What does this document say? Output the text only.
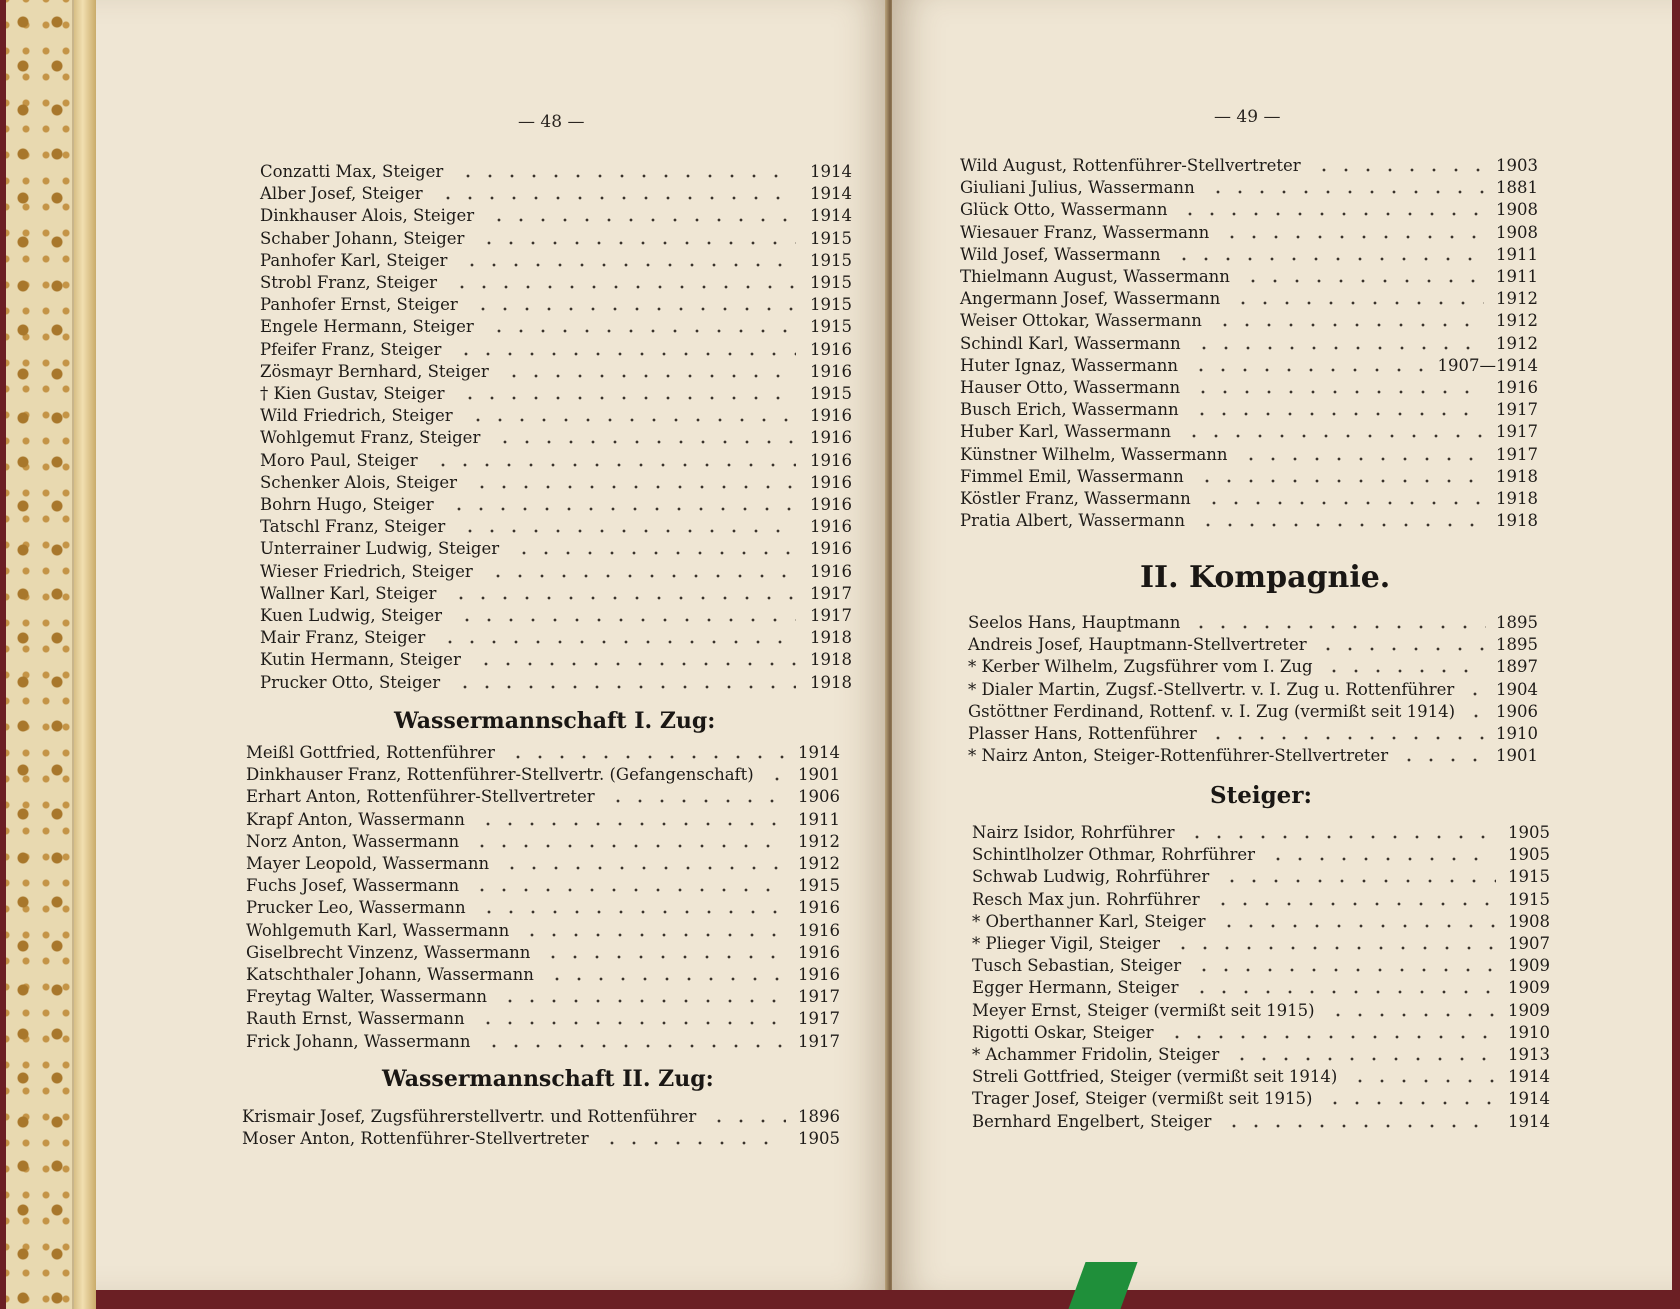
— 48 —
Conzatti Max, Steiger	1914
Alber Josef, Steiger	1914
Dinkhauser Alois, Steiger	1914
Schaber Johann, Steiger	1915
Panhofer Karl, Steiger	1915
Strobl Franz, Steiger	1915
Panhofer Ernst, Steiger	1915
Engele Hermann, Steiger	1915
Pfeifer Franz, Steiger	1916
Zösmayr Bernhard, Steiger	1916
† Kien Gustav, Steiger	1915
Wild Friedrich, Steiger	1916
Wohlgemut Franz, Steiger	1916
Moro Paul, Steiger	1916
Schenker Alois, Steiger	1916
Bohrn Hugo, Steiger	1916
Tatschl Franz, Steiger	1916
Unterrainer Ludwig, Steiger	1916
Wieser Friedrich, Steiger	1916
Wallner Karl, Steiger	1917
Kuen Ludwig, Steiger	1917
Mair Franz, Steiger	1918
Kutin Hermann, Steiger	1918
Prucker Otto, Steiger	1918
Wassermannschaft I. Zug:
Meißl Gottfried, Rottenführer	1914
Dinkhauser Franz, Rottenführer-Stellvertr. (Gefangenschaft)	1901
Erhart Anton, Rottenführer-Stellvertreter	1906
Krapf Anton, Wassermann	1911
Norz Anton, Wassermann	1912
Mayer Leopold, Wassermann	1912
Fuchs Josef, Wassermann	1915
Prucker Leo, Wassermann	1916
Wohlgemuth Karl, Wassermann	1916
Giselbrecht Vinzenz, Wassermann	1916
Katschthaler Johann, Wassermann	1916
Freytag Walter, Wassermann	1917
Rauth Ernst, Wassermann	1917
Frick Johann, Wassermann	1917
Wassermannschaft II. Zug:
Krismair Josef, Zugsführerstellvertr. und Rottenführer	1896
Moser Anton, Rottenführer-Stellvertreter	1905
— 49 —
Wild August, Rottenführer-Stellvertreter	1903
Giuliani Julius, Wassermann	1881
Glück Otto, Wassermann	1908
Wiesauer Franz, Wassermann	1908
Wild Josef, Wassermann	1911
Thielmann August, Wassermann	1911
Angermann Josef, Wassermann	1912
Weiser Ottokar, Wassermann	1912
Schindl Karl, Wassermann	1912
Huter Ignaz, Wassermann	1907—1914
Hauser Otto, Wassermann	1916
Busch Erich, Wassermann	1917
Huber Karl, Wassermann	1917
Künstner Wilhelm, Wassermann	1917
Fimmel Emil, Wassermann	1918
Köstler Franz, Wassermann	1918
Pratia Albert, Wassermann	1918
II. Kompagnie.
Seelos Hans, Hauptmann	1895
Andreis Josef, Hauptmann-Stellvertreter	1895
* Kerber Wilhelm, Zugsführer vom I. Zug	1897
* Dialer Martin, Zugsf.-Stellvertr. v. I. Zug u. Rottenführer	1904
Gstöttner Ferdinand, Rottenf. v. I. Zug (vermißt seit 1914) 1906
Plasser Hans, Rottenführer	1910
* Nairz Anton, Steiger-Rottenführer-Stellvertreter	1901
Steiger:
Nairz Isidor, Rohrführer	1905
Schintlholzer Othmar, Rohrführer	1905
Schwab Ludwig, Rohrführer	1915
Resch Max jun. Rohrführer	1915
* Oberthanner Karl, Steiger	1908
* Plieger Vigil, Steiger	1907
Tusch Sebastian, Steiger	1909
Egger Hermann, Steiger	1909
Meyer Ernst, Steiger (vermißt seit 1915)	1909
Rigotti Oskar, Steiger	1910
* Achammer Fridolin, Steiger	1913
Streli Gottfried, Steiger (vermißt seit 1914)	1914
Trager Josef, Steiger (vermißt seit 1915)	1914
Bernhard Engelbert, Steiger	1914
